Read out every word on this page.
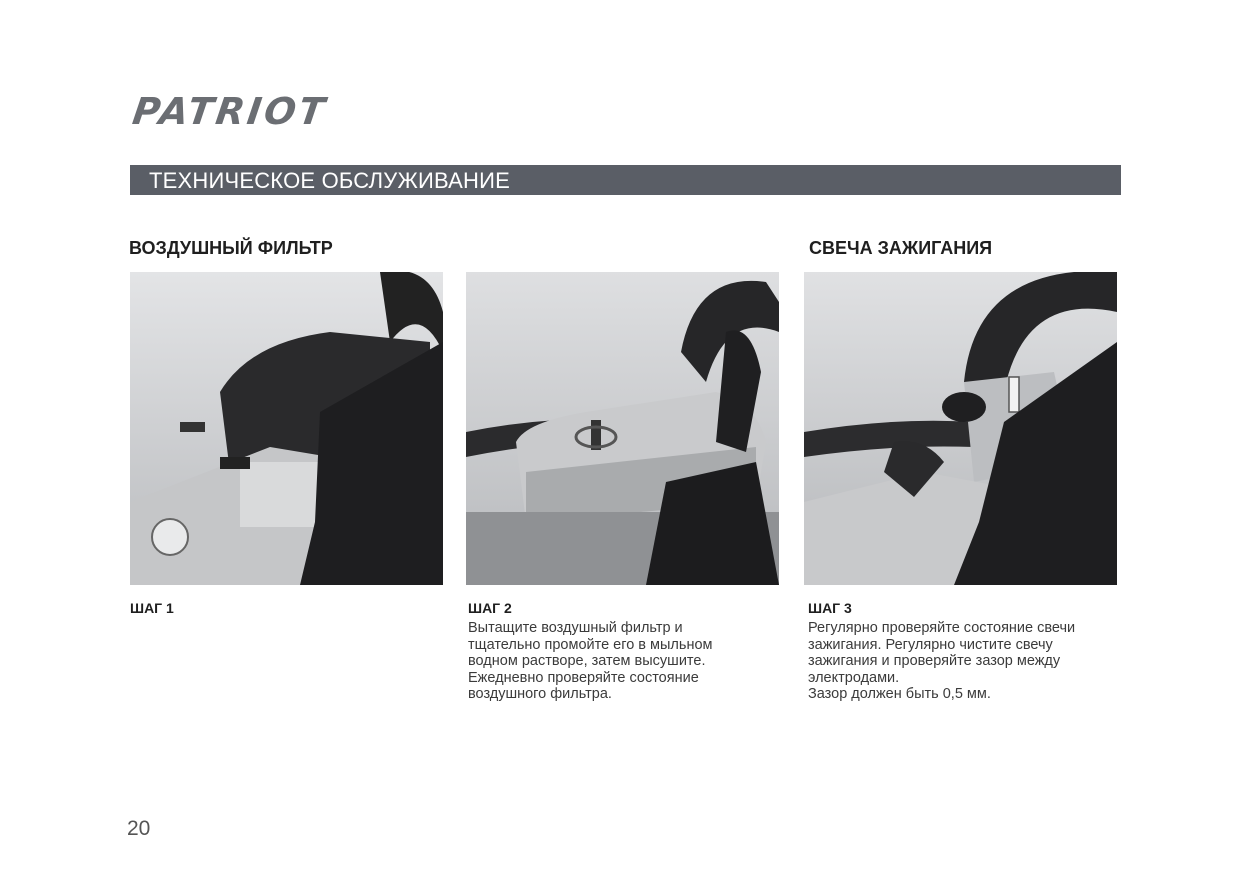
PATRIOT
ТЕХНИЧЕСКОЕ ОБСЛУЖИВАНИЕ
ВОЗДУШНЫЙ ФИЛЬТР	СВЕЧА ЗАЖИГАНИЯ
ШАГ 1	ШАГ 2
Вытащите воздушный фильтр и
тщательно промойте его в мыльном
водном растворе, затем высушите.
Ежедневно проверяйте состояние
воздушного фильтра.
ШАГ 3
Регулярно проверяйте состояние свечи
зажигания. Регулярно чистите свечу
зажигания и проверяйте зазор между
электродами.
Зазор должен быть 0,5 мм.
20
